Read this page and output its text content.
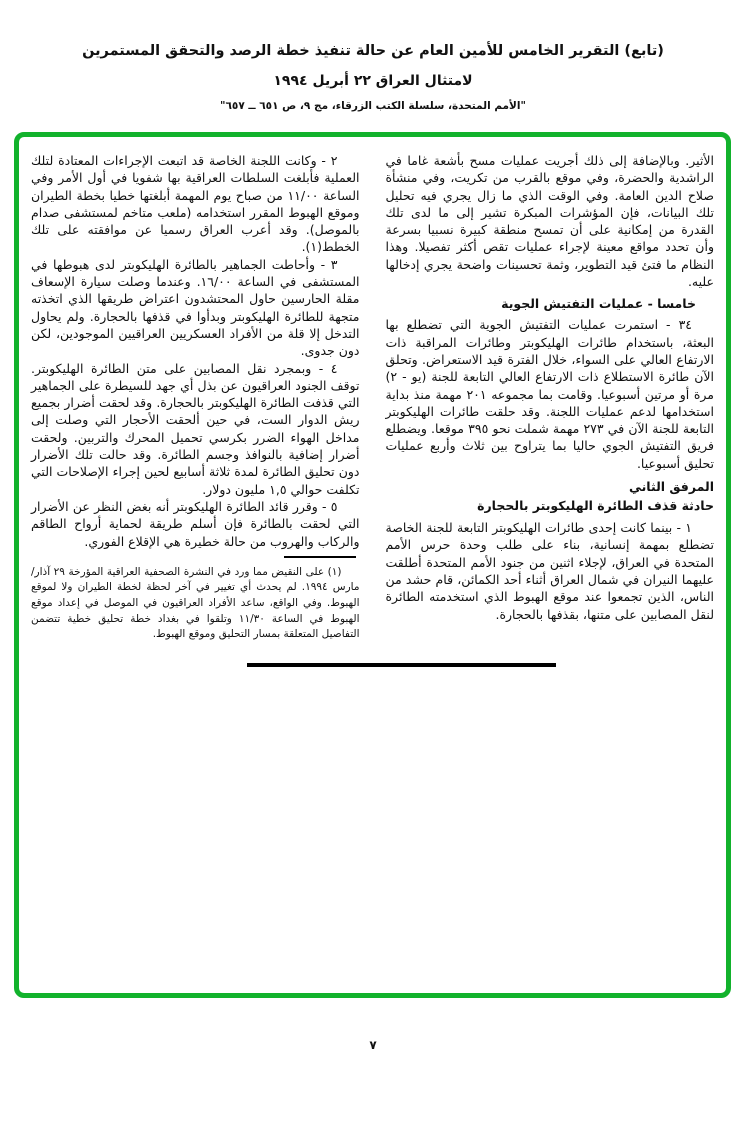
(تابع) التقرير الخامس للأمين العام عن حالة تنفيذ خطة الرصد والتحقق المستمرين
لامتثال العراق ٢٢ أبريل ١٩٩٤
"الأمم المتحدة، سلسلة الكتب الزرقاء، مج ٩، ص ٦٥١ ــ ٦٥٧"

الأثير. وبالإضافة إلى ذلك أجريت عمليات مسح بأشعة غاما في الراشدية والحضرة، وفي موقع بالقرب من تكريت، وفي منشأة صلاح الدين العامة. وفي الوقت الذي ما زال يجري فيه تحليل تلك البيانات، فإن المؤشرات المبكرة تشير إلى ما لدى تلك القدرة من إمكانية على أن تمسح منطقة كبيرة نسبيا بسرعة وأن تحدد مواقع معينة لإجراء عمليات تقص أكثر تفصيلا. وهذا النظام ما فتئ قيد التطوير، وثمة تحسينات واضحة يجري إدخالها عليه.

خامسا - عمليات التفتيش الجوية

٣٤ - استمرت عمليات التفتيش الجوية التي تضطلع بها البعثة، باستخدام طائرات الهليكوبتر وطائرات المراقبة ذات الارتفاع العالي على السواء، خلال الفترة قيد الاستعراض. وتحلق الآن طائرة الاستطلاع ذات الارتفاع العالي التابعة للجنة (يو - ٢) مرة أو مرتين أسبوعيا. وقامت بما مجموعه ٢٠١ مهمة منذ بداية استخدامها لدعم عمليات اللجنة. وقد حلقت طائرات الهليكوبتر التابعة للجنة الآن في ٢٧٣ مهمة شملت نحو ٣٩٥ موقعا. ويضطلع فريق التفتيش الجوي حاليا بما يتراوح بين ثلاث وأربع عمليات تحليق أسبوعيا.

المرفق الثاني
حادثة قذف الطائرة الهليكوبتر بالحجارة

١ - بينما كانت إحدى طائرات الهليكوبتر التابعة للجنة الخاصة تضطلع بمهمة إنسانية، بناء على طلب وحدة حرس الأمم المتحدة في العراق، لإجلاء اثنين من جنود الأمم المتحدة أطلقت عليهما النيران في شمال العراق أثناء أحد الكمائن، قام حشد من الناس، الذين تجمعوا عند موقع الهبوط الذي استخدمته الطائرة لنقل المصابين على متنها، بقذفها بالحجارة.

٢ - وكانت اللجنة الخاصة قد اتبعت الإجراءات المعتادة لتلك العملية فأبلغت السلطات العراقية بها شفويا في أول الأمر وفي الساعة ١١/٠٠ من صباح يوم المهمة أبلغتها خطيا بخطة الطيران وموقع الهبوط المقرر استخدامه (ملعب متاخم لمستشفى صدام بالموصل). وقد أعرب العراق رسميا عن موافقته على تلك الخطط(١).

٣ - وأحاطت الجماهير بالطائرة الهليكوبتر لدى هبوطها في المستشفى في الساعة ١٦/٠٠. وعندما وصلت سيارة الإسعاف مقلة الحارسين حاول المحتشدون اعتراض طريقها الذي اتخذته متجهة للطائرة الهليكوبتر وبدأوا في قذفها بالحجارة. ولم يحاول التدخل إلا قلة من الأفراد العسكريين العراقيين الموجودين، لكن دون جدوى.

٤ - وبمجرد نقل المصابين على متن الطائرة الهليكوبتر. توقف الجنود العراقيون عن بذل أي جهد للسيطرة على الجماهير التي قذفت الطائرة الهليكوبتر بالحجارة. وقد لحقت أضرار بجميع ريش الدوار الست، في حين ألحقت الأحجار التي وصلت إلى مداخل الهواء الضرر بكرسي تحميل المحرك والتربين. ولحقت أضرار إضافية بالنوافذ وجسم الطائرة. وقد حالت تلك الأضرار دون تحليق الطائرة لمدة ثلاثة أسابيع لحين إجراء الإصلاحات التي تكلفت حوالي ١,٥ مليون دولار.

٥ - وقرر قائد الطائرة الهليكوبتر أنه بغض النظر عن الأضرار التي لحقت بالطائرة فإن أسلم طريقة لحماية أرواح الطاقم والركاب والهروب من حالة خطيرة هي الإقلاع الفوري.

(١) على النقيض مما ورد في النشرة الصحفية العراقية المؤرخة ٢٩ آذار/ مارس ١٩٩٤. لم يحدث أي تغيير في آخر لحظة لخطة الطيران ولا لموقع الهبوط. وفي الواقع، ساعد الأفراد العراقيون في الموصل في إعداد موقع الهبوط في الساعة ١١/٣٠ وتلقوا في بغداد خطة تحليق خطية تتضمن التفاصيل المتعلقة بمسار التحليق وموقع الهبوط.

٧
